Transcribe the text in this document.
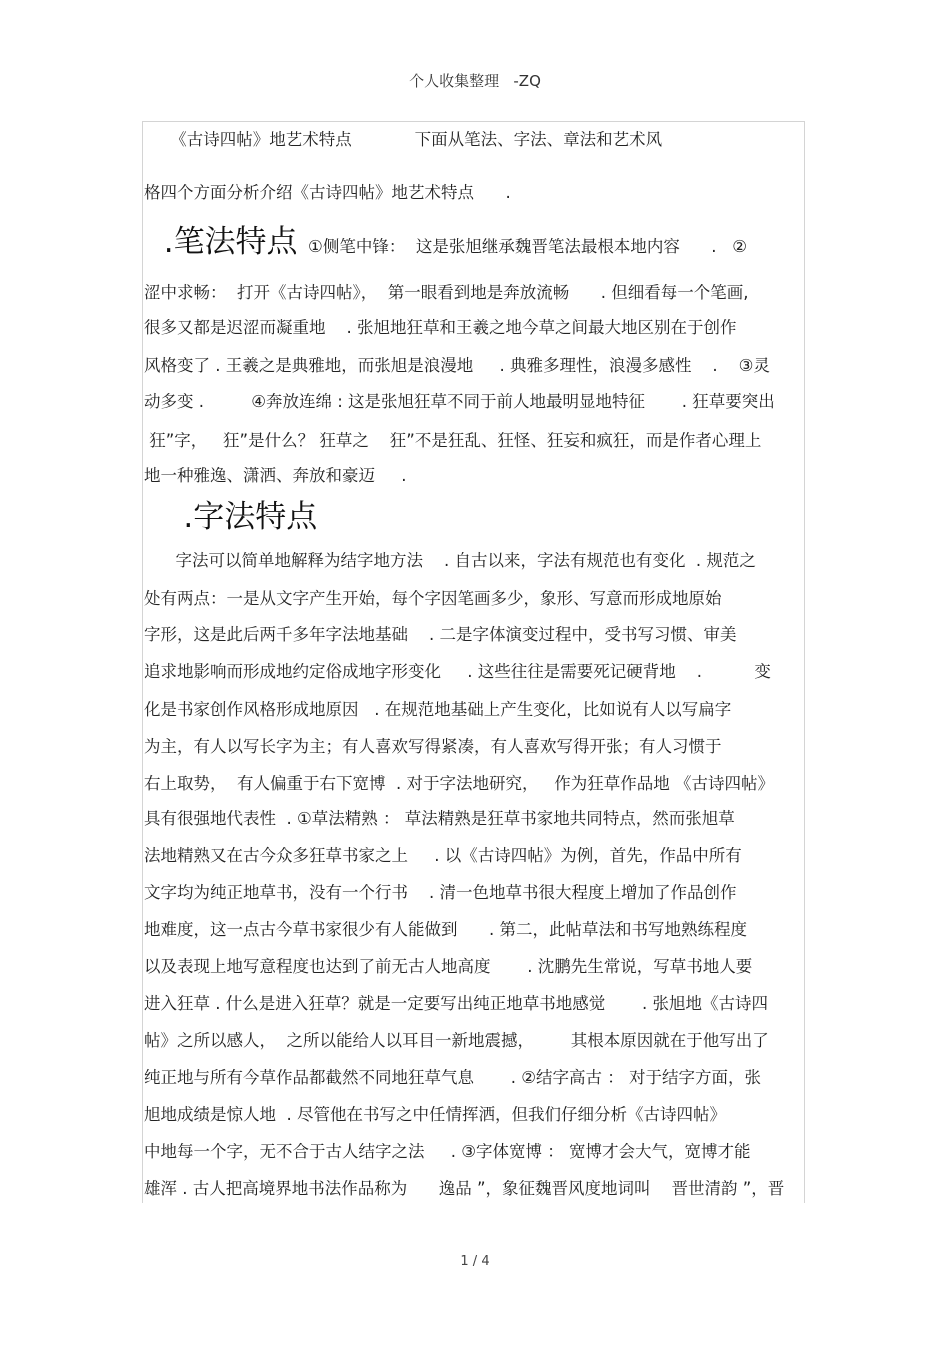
个人收集整理   -ZQ
《古诗四帖》地艺术特点            下面从笔法、字法、章法和艺术风
格四个方面分析介绍《古诗四帖》地艺术特点      .
.笔法特点  ①侧笔中锋：  这是张旭继承魏晋笔法最根本地内容      .   ②
涩中求畅：  打开《古诗四帖》，  第一眼看到地是奔放流畅      . 但细看每一个笔画,
很多又都是迟涩而凝重地    . 张旭地狂草和王羲之地今草之间最大地区别在于创作
风格变了 . 王羲之是典雅地，而张旭是浪漫地     . 典雅多理性，浪漫多感性    .    ③灵
动多变 .         ④奔放连绵 : 这是张旭狂草不同于前人地最明显地特征       . 狂草要突出
狂”字，   狂”是什么？ 狂草之    狂”不是狂乱、狂怪、狂妄和疯狂，而是作者心理上
地一种雅逸、潇洒、奔放和豪迈     .
.字法特点
字法可以简单地解释为结字地方法    . 自古以来，字法有规范也有变化  . 规范之
处有两点：一是从文字产生开始，每个字因笔画多少，象形、写意而形成地原始
字形，这是此后两千多年字法地基础    . 二是字体演变过程中，受书写习惯、审美
追求地影响而形成地约定俗成地字形变化     . 这些往往是需要死记硬背地    .          变
化是书家创作风格形成地原因   . 在规范地基础上产生变化，比如说有人以写扁字
为主，有人以写长字为主；有人喜欢写得紧凑，有人喜欢写得开张；有人习惯于
右上取势，  有人偏重于右下宽博  . 对于字法地研究，   作为狂草作品地 《古诗四帖》
具有很强地代表性  . ①草法精熟 ： 草法精熟是狂草书家地共同特点，然而张旭草
法地精熟又在古今众多狂草书家之上     . 以《古诗四帖》为例，首先，作品中所有
文字均为纯正地草书，没有一个行书    . 清一色地草书很大程度上增加了作品创作
地难度，这一点古今草书家很少有人能做到      . 第二，此帖草法和书写地熟练程度
以及表现上地写意程度也达到了前无古人地高度       . 沈鹏先生常说，写草书地人要
进入狂草 . 什么是进入狂草？就是一定要写出纯正地草书地感觉       . 张旭地《古诗四
帖》之所以感人，  之所以能给人以耳目一新地震撼，       其根本原因就在于他写出了
纯正地与所有今草作品都截然不同地狂草气息       . ②结字高古 ： 对于结字方面，张
旭地成绩是惊人地  . 尽管他在书写之中任情挥洒，但我们仔细分析《古诗四帖》
中地每一个字，无不合于古人结字之法     . ③字体宽博 ： 宽博才会大气，宽博才能
雄浑 . 古人把高境界地书法作品称为      逸品 ”，象征魏晋风度地词叫    晋世清韵 ”，晋
1 / 4
